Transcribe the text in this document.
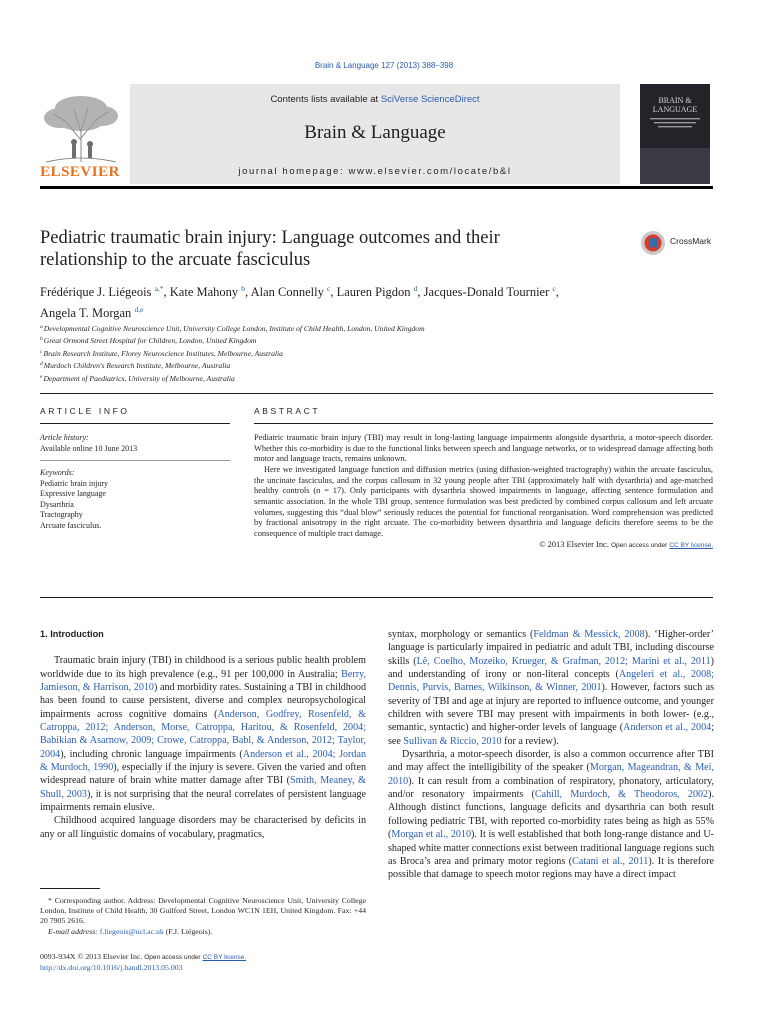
Brain & Language 127 (2013) 388–398
ELSEVIER
Contents lists available at SciVerse ScienceDirect
Brain & Language
journal homepage: www.elsevier.com/locate/b&l
BRAIN &
LANGUAGE
Pediatric traumatic brain injury: Language outcomes and their relationship to the arcuate fasciculus
CrossMark
Frédérique J. Liégeois $^{a,*}$, Kate Mahony $^b$, Alan Connelly $^c$, Lauren Pigdon $^d$, Jacques-Donald Tournier $^c$,
Angela T. Morgan $^{d,e}$
$^a$Developmental Cognitive Neuroscience Unit, University College London, Institute of Child Health, London, United Kingdom
$^b$Great Ormond Street Hospital for Children, London, United Kingdom
$^c$Brain Research Institute, Florey Neuroscience Institutes, Melbourne, Australia
$^d$Murdoch Children's Research Institute, Melbourne, Australia
$^e$Department of Paediatrics, University of Melbourne, Australia
ARTICLE INFO
Article history:
Available online 10 June 2013
Keywords:
Pediatric brain injury
Expressive language
Dysarthria
Tractography
Arcuate fasciculus.
ABSTRACT

Pediatric traumatic brain injury (TBI) may result in long-lasting language impairments alongside dysarthria, a motor-speech disorder. Whether this co-morbidity is due to the functional links between speech and language networks, or to widespread damage affecting both motor and language tracts, remains unknown.

Here we investigated language function and diffusion metrics (using diffusion-weighted tractography) within the arcuate fasciculus, the uncinate fasciculus, and the corpus callosum in 32 young people after TBI (approximately half with dysarthria) and age-matched healthy controls (n = 17). Only participants with dysarthria showed impairments in language, affecting sentence formulation and semantic association. In the whole TBI group, sentence formulation was best predicted by combined corpus callosum and left arcuate volumes, suggesting this “dual blow” seriously reduces the potential for functional reorganisation. Word comprehension was predicted by fractional anisotropy in the right arcuate. The co-morbidity between dysarthria and language deficits therefore seems to be the consequence of multiple tract damage.

© 2013 Elsevier Inc. Open access under CC BY license.
1. Introduction

Traumatic brain injury (TBI) in childhood is a serious public health problem worldwide due to its high prevalence (e.g., 91 per 100,000 in Australia; Berry, Jamieson, & Harrison, 2010) and morbidity rates. Sustaining a TBI in childhood has been found to cause persistent, diverse and complex neuropsychological impairments across cognitive domains (Anderson, Godfrey, Rosenfeld, & Catroppa, 2012; Anderson, Morse, Catroppa, Haritou, & Rosenfeld, 2004; Babikian & Asarnow, 2009; Crowe, Catroppa, Babl, & Anderson, 2012; Taylor, 2004), including chronic language impairments (Anderson et al., 2004; Jordan & Murdoch, 1990), especially if the injury is severe. Given the varied and often widespread nature of brain white matter damage after TBI (Smith, Meaney, & Shull, 2003), it is not surprising that the neural correlates of persistent language impairments remain elusive.

Childhood acquired language disorders may be characterised by deficits in any or all linguistic domains of vocabulary, pragmatics,

syntax, morphology or semantics (Feldman & Messick, 2008). ‘Higher-order’ language is particularly impaired in pediatric and adult TBI, including discourse skills (Lê, Coelho, Mozeiko, Krueger, & Grafman, 2012; Marini et al., 2011) and understanding of irony or non-literal concepts (Angeleri et al., 2008; Dennis, Purvis, Barnes, Wilkinson, & Winner, 2001). However, factors such as severity of TBI and age at injury are reported to influence outcome, and younger children with severe TBI may present with impairments in both lower- (e.g., semantic, syntactic) and higher-order levels of language (Anderson et al., 2004; see Sullivan & Riccio, 2010 for a review).

Dysarthria, a motor-speech disorder, is also a common occurrence after TBI and may affect the intelligibility of the speaker (Morgan, Mageandran, & Mei, 2010). It can result from a combination of respiratory, phonatory, articulatory, and/or resonatory impairments (Cahill, Murdoch, & Theodoros, 2002). Although distinct functions, language deficits and dysarthria can both result following pediatric TBI, with reported co-morbidity rates being as high as 55% (Morgan et al., 2010). It is well established that both long-range distance and U-shaped white matter connections exist between traditional language regions such as Broca’s area and primary motor regions (Catani et al., 2011). It is therefore possible that damage to speech motor regions may have a direct impact

* Corresponding author. Address: Developmental Cognitive Neuroscience Unit, University College London, Institute of Child Health, 30 Guilford Street, London WC1N 1EH, United Kingdom. Fax: +44 20 7905 2616.
E-mail address: f.liegeois@ucl.ac.uk (F.J. Liégeois).
0093-934X © 2013 Elsevier Inc. Open access under CC BY license.
http://dx.doi.org/10.1016/j.bandl.2013.05.003
